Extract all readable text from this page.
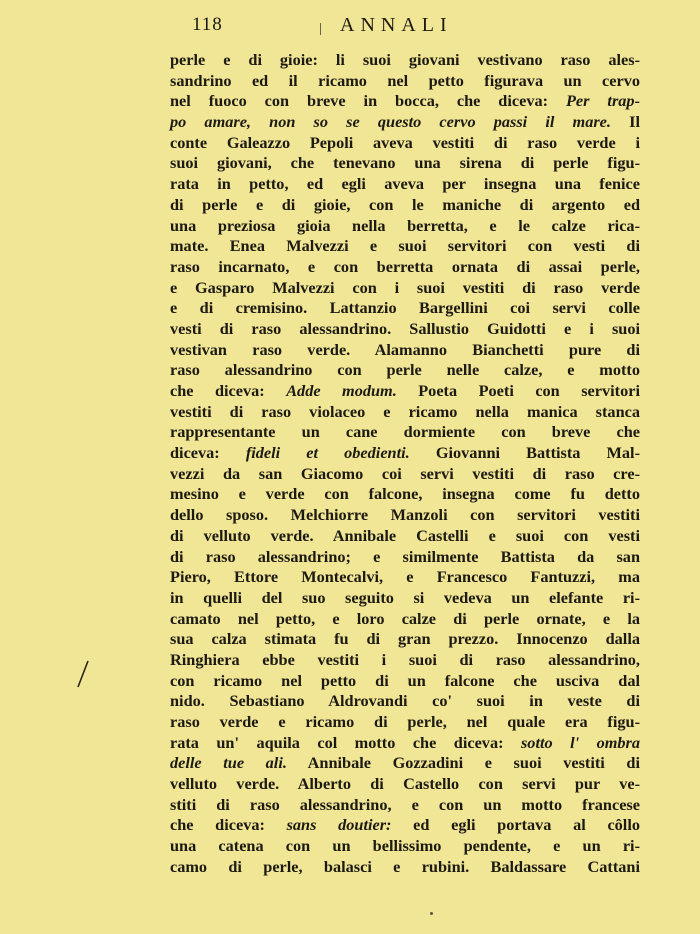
118	ANNALI
perle e di gioie: li suoi giovani vestivano raso ales-
sandrino ed il ricamo nel petto figurava un cervo
nel fuoco con breve in bocca, che diceva: Per trap-
po amare, non so se questo cervo passi il mare. Il
conte Galeazzo Pepoli aveva vestiti di raso verde i
suoi giovani, che tenevano una sirena di perle figu-
rata in petto, ed egli aveva per insegna una fenice
di perle e di gioie, con le maniche di argento ed
una preziosa gioia nella berretta, e le calze rica-
mate. Enea Malvezzi e suoi servitori con vesti di
raso incarnato, e con berretta ornata di assai perle,
e Gasparo Malvezzi con i suoi vestiti di raso verde
e di cremisino. Lattanzio Bargellini coi servi colle
vesti di raso alessandrino. Sallustio Guidotti e i suoi
vestivan raso verde. Alamanno Bianchetti pure di
raso alessandrino con perle nelle calze, e motto
che diceva: Adde modum. Poeta Poeti con servitori
vestiti di raso violaceo e ricamo nella manica stanca
rappresentante un cane dormiente con breve che
diceva: fideli et obedienti. Giovanni Battista Mal-
vezzi da san Giacomo coi servi vestiti di raso cre-
mesino e verde con falcone, insegna come fu detto
dello sposo. Melchiorre Manzoli con servitori vestiti
di velluto verde. Annibale Castelli e suoi con vesti
di raso alessandrino; e similmente Battista da san
Piero, Ettore Montecalvi, e Francesco Fantuzzi, ma
in quelli del suo seguito si vedeva un elefante ri-
camato nel petto, e loro calze di perle ornate, e la
sua calza stimata fu di gran prezzo. Innocenzo dalla
Ringhiera ebbe vestiti i suoi di raso alessandrino,
con ricamo nel petto di un falcone che usciva dal
nido. Sebastiano Aldrovandi co' suoi in veste di
raso verde e ricamo di perle, nel quale era figu-
rata un' aquila col motto che diceva: sotto l' ombra
delle tue ali. Annibale Gozzadini e suoi vestiti di
velluto verde. Alberto di Castello con servi pur ve-
stiti di raso alessandrino, e con un motto francese
che diceva: sans doutier: ed egli portava al côllo
una catena con un bellissimo pendente, e un ri-
camo di perle, balasci e rubini. Baldassare Cattani
